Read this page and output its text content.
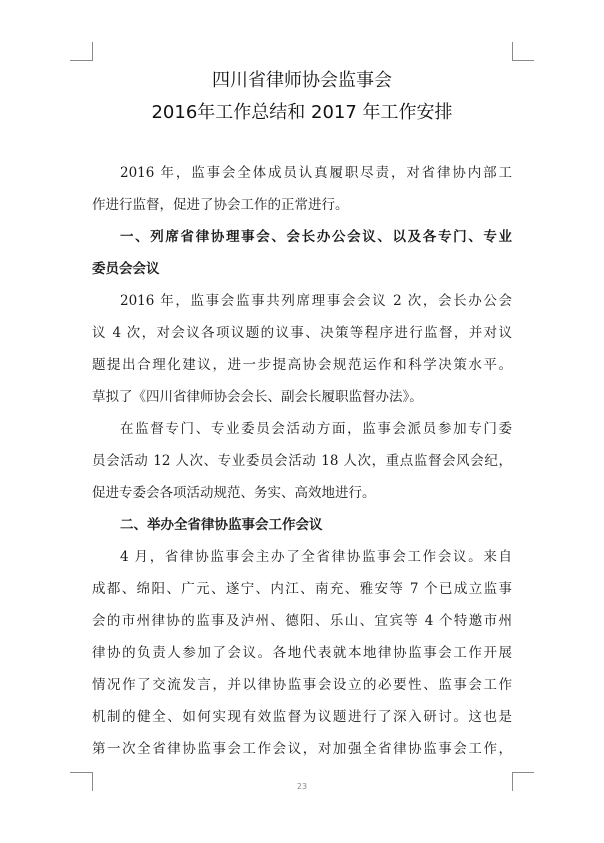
四川省律师协会监事会
2016年工作总结和 2017 年工作安排
2016 年，监事会全体成员认真履职尽责，对省律协内部工
作进行监督，促进了协会工作的正常进行。
一、列席省律协理事会、会长办公会议、以及各专门、专业
委员会会议
2016 年，监事会监事共列席理事会会议 2 次，会长办公会
议 4 次，对会议各项议题的议事、决策等程序进行监督，并对议
题提出合理化建议，进一步提高协会规范运作和科学决策水平。
草拟了《四川省律师协会会长、副会长履职监督办法》。
在监督专门、专业委员会活动方面，监事会派员参加专门委
员会活动 12 人次、专业委员会活动 18 人次，重点监督会风会纪，
促进专委会各项活动规范、务实、高效地进行。
二、举办全省律协监事会工作会议
4 月，省律协监事会主办了全省律协监事会工作会议。来自
成都、绵阳、广元、遂宁、内江、南充、雅安等 7 个已成立监事
会的市州律协的监事及泸州、德阳、乐山、宜宾等 4 个特邀市州
律协的负责人参加了会议。各地代表就本地律协监事会工作开展
情况作了交流发言，并以律协监事会设立的必要性、监事会工作
机制的健全、如何实现有效监督为议题进行了深入研讨。这也是
第一次全省律协监事会工作会议，对加强全省律协监事会工作，
23
